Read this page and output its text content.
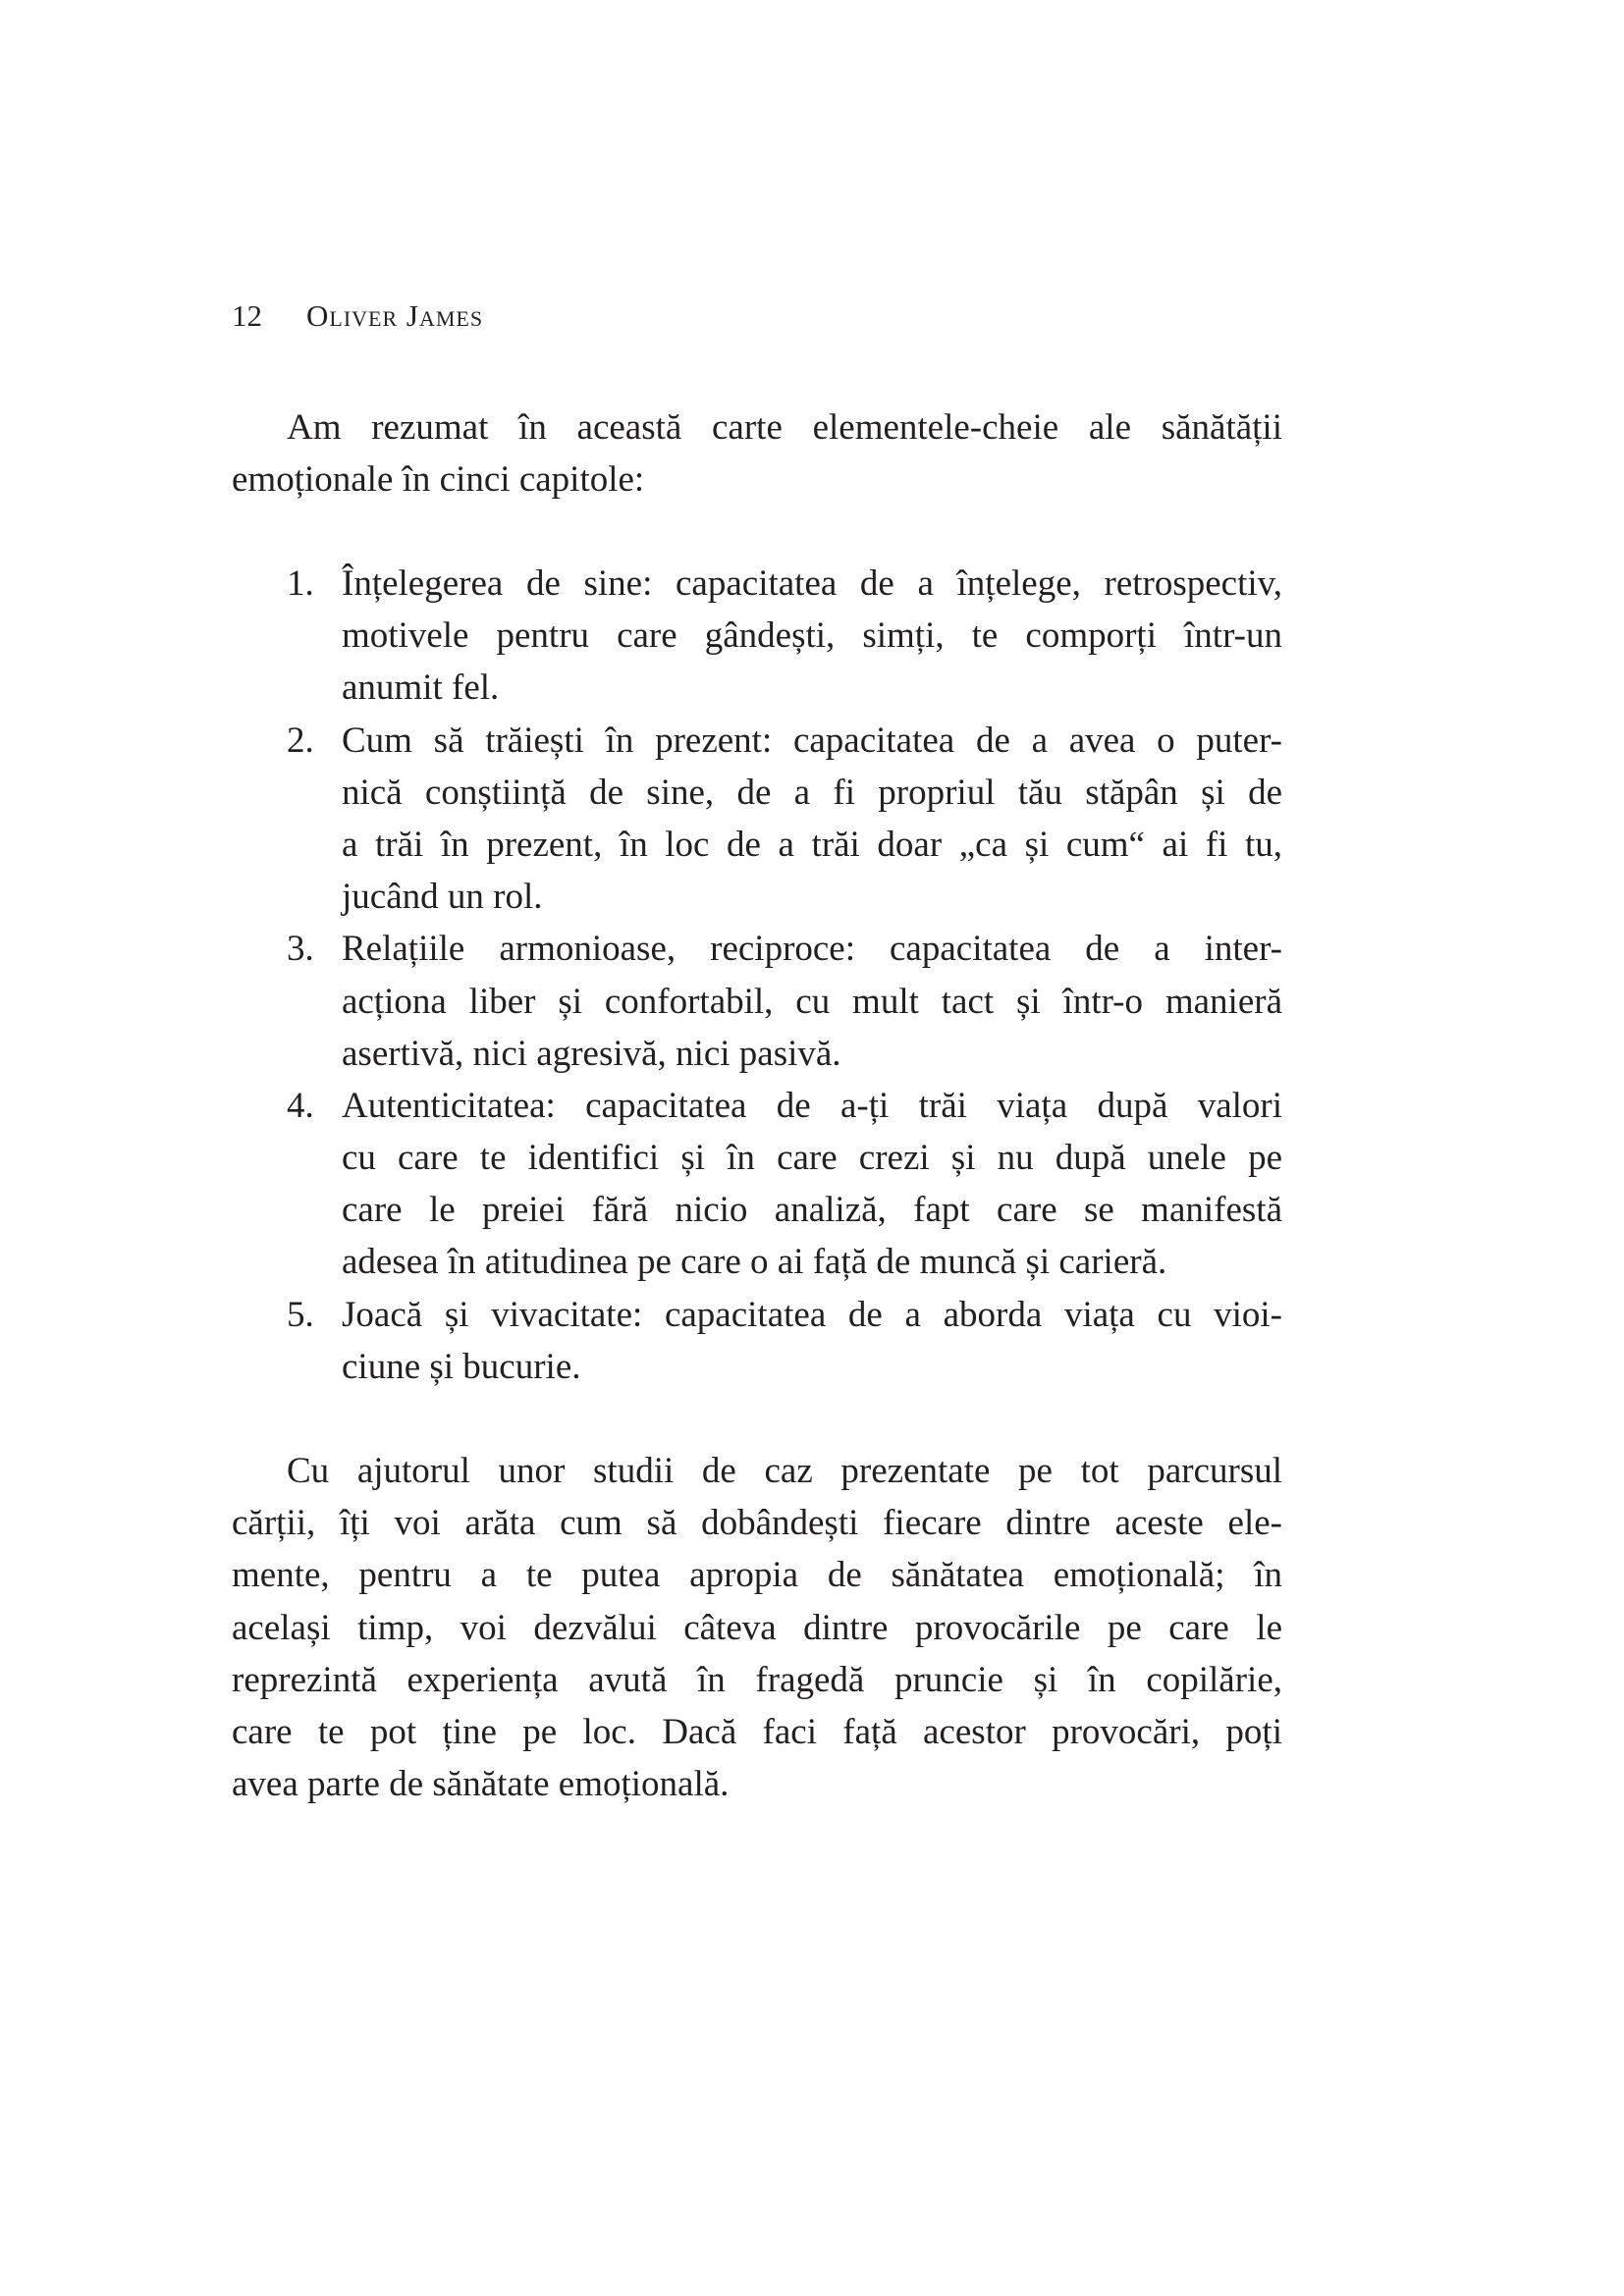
12 Oliver James
Am rezumat în această carte elementele-cheie ale sănătății
emoționale în cinci capitole:
1. Înțelegerea de sine: capacitatea de a înțelege, retrospectiv,
motivele pentru care gândești, simți, te comporți într-un
anumit fel.
2. Cum să trăiești în prezent: capacitatea de a avea o puter-
nică conștiință de sine, de a fi propriul tău stăpân și de
a trăi în prezent, în loc de a trăi doar „ca și cum“ ai fi tu,
jucând un rol.
3. Relațiile armonioase, reciproce: capacitatea de a inter-
acționa liber și confortabil, cu mult tact și într-o manieră
asertivă, nici agresivă, nici pasivă.
4. Autenticitatea: capacitatea de a-ți trăi viața după valori
cu care te identifici și în care crezi și nu după unele pe
care le preiei fără nicio analiză, fapt care se manifestă
adesea în atitudinea pe care o ai față de muncă și carieră.
5. Joacă și vivacitate: capacitatea de a aborda viața cu vioi-
ciune și bucurie.
Cu ajutorul unor studii de caz prezentate pe tot parcursul
cărții, îți voi arăta cum să dobândești fiecare dintre aceste ele-
mente, pentru a te putea apropia de sănătatea emoțională; în
același timp, voi dezvălui câteva dintre provocările pe care le
reprezintă experiența avută în fragedă pruncie și în copilărie,
care te pot ține pe loc. Dacă faci față acestor provocări, poți
avea parte de sănătate emoțională.
